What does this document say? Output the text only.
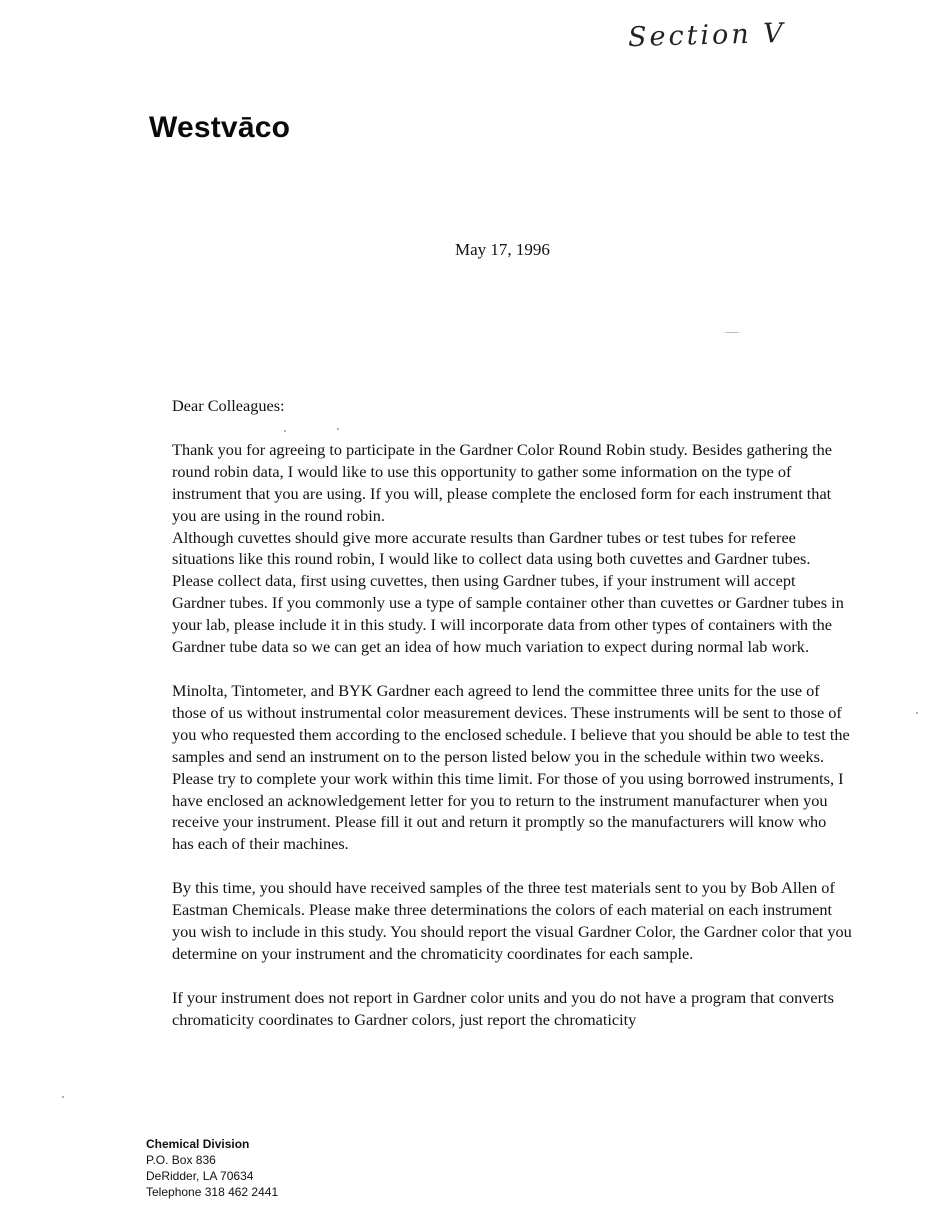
Section V
Westvāco
May 17, 1996

Dear Colleagues:

Thank you for agreeing to participate in the Gardner Color Round Robin study. Besides gathering the round robin data, I would like to use this opportunity to gather some information on the type of instrument that you are using. If you will, please complete the enclosed form for each instrument that you are using in the round robin.

Although cuvettes should give more accurate results than Gardner tubes or test tubes for referee situations like this round robin, I would like to collect data using both cuvettes and Gardner tubes. Please collect data, first using cuvettes, then using Gardner tubes, if your instrument will accept Gardner tubes. If you commonly use a type of sample container other than cuvettes or Gardner tubes in your lab, please include it in this study. I will incorporate data from other types of containers with the Gardner tube data so we can get an idea of how much variation to expect during normal lab work.

Minolta, Tintometer, and BYK Gardner each agreed to lend the committee three units for the use of those of us without instrumental color measurement devices. These instruments will be sent to those of you who requested them according to the enclosed schedule. I believe that you should be able to test the samples and send an instrument on to the person listed below you in the schedule within two weeks. Please try to complete your work within this time limit. For those of you using borrowed instruments, I have enclosed an acknowledgement letter for you to return to the instrument manufacturer when you receive your instrument. Please fill it out and return it promptly so the manufacturers will know who has each of their machines.

By this time, you should have received samples of the three test materials sent to you by Bob Allen of Eastman Chemicals. Please make three determinations the colors of each material on each instrument you wish to include in this study. You should report the visual Gardner Color, the Gardner color that you determine on your instrument and the chromaticity coordinates for each sample.

If your instrument does not report in Gardner color units and you do not have a program that converts chromaticity coordinates to Gardner colors, just report the chromaticity

Chemical Division
P.O. Box 836
DeRidder, LA 70634
Telephone 318 462 2441
